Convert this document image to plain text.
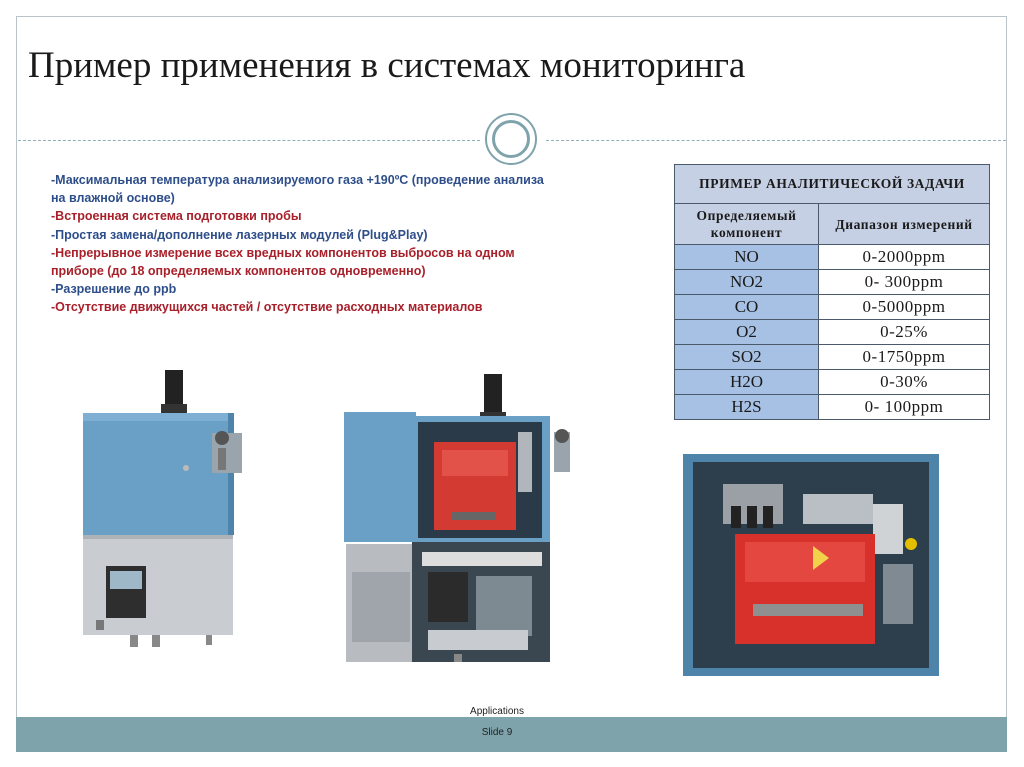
Пример применения в системах мониторинга
-Максимальная температура анализируемого газа +190ºС (проведение анализа на влажной основе)
-Встроенная система подготовки пробы
-Простая замена/дополнение лазерных модулей (Plug&Play)
-Непрерывное измерение всех вредных компонентов выбросов на одном приборе (до 18 определяемых компонентов одновременно)
-Разрешение до ppb
-Отсутствие движущихся частей / отсутствие расходных материалов
ПРИМЕР АНАЛИТИЧЕСКОЙ ЗАДАЧИ	
Определяемый компонент	Диапазон измерений
NO	0-2000ppm
NO2	0- 300ppm
CO	0-5000ppm
O2	0-25%
SO2	0-1750ppm
H2O	0-30%
H2S	0- 100ppm
Applications
Slide 9
